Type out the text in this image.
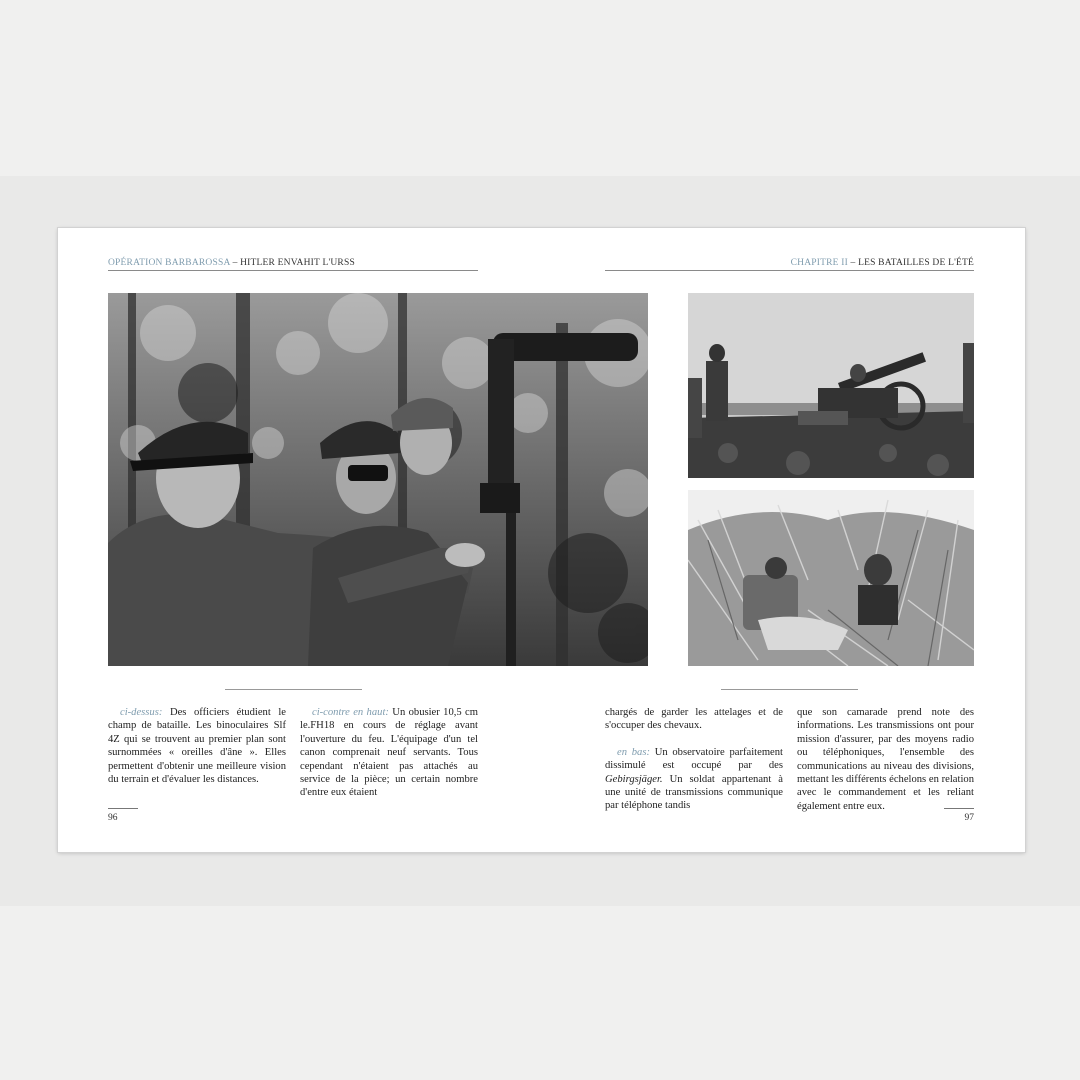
OPÉRATION BARBAROSSA – HITLER ENVAHIT L'URSS	CHAPITRE II – LES BATAILLES DE L'ÉTÉ

ci-dessus: Des officiers étudient le champ de bataille. Les binoculaires Slf 4Z qui se trouvent au premier plan sont surnommées « oreilles d'âne ». Elles permettent d'obtenir une meilleure vision du terrain et d'évaluer les distances.

ci-contre en haut: Un obusier 10,5 cm le.FH18 en cours de réglage avant l'ouverture du feu. L'équipage d'un tel canon comprenait neuf servants. Tous cependant n'étaient pas attachés au service de la pièce; un certain nombre d'entre eux étaient

chargés de garder les attelages et de s'occuper des chevaux.

en bas: Un observatoire parfaitement dissimulé est occupé par des Gebirgsjäger. Un soldat appartenant à une unité de transmissions communique par téléphone tandis

que son camarade prend note des informations. Les transmissions ont pour mission d'assurer, par des moyens radio ou téléphoniques, l'ensemble des communications au niveau des divisions, mettant les différents échelons en relation avec le commandement et les reliant également entre eux.

96	97
